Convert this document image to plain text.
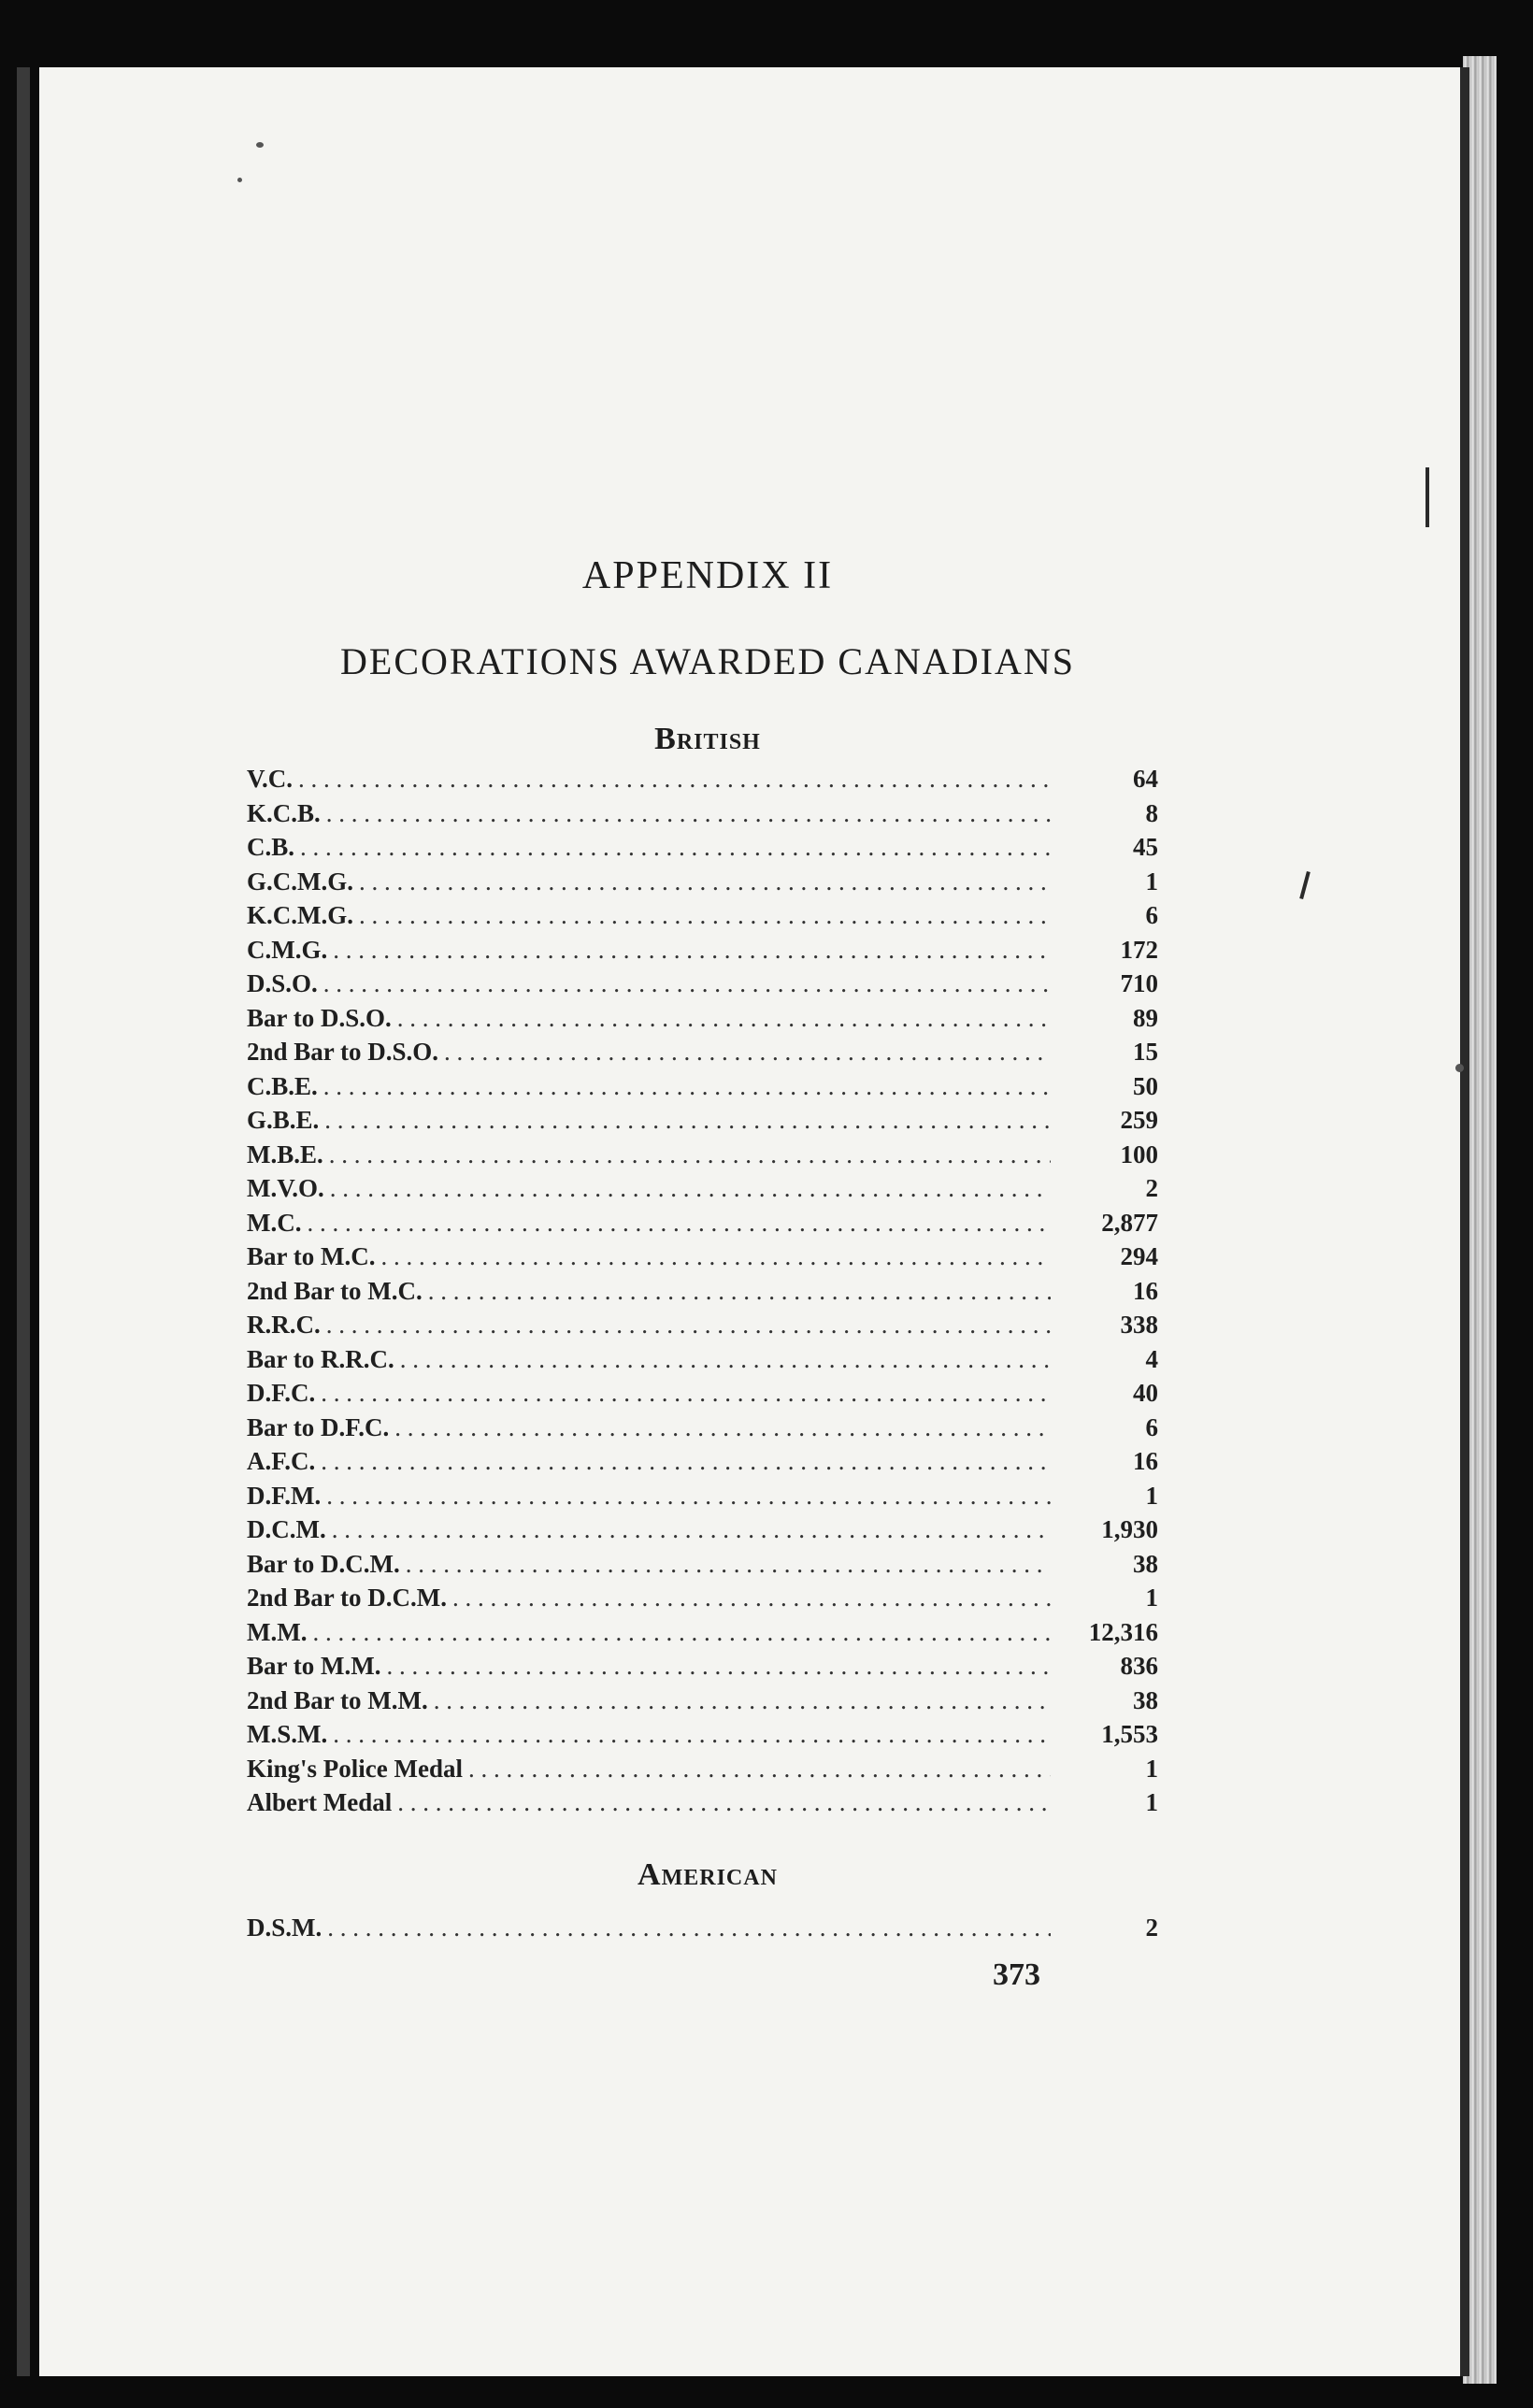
APPENDIX II
DECORATIONS AWARDED CANADIANS
British
V.C. . . .	64
K.C.B. . . .	8
C.B. . . .	45
G.C.M.G. . . .	1
K.C.M.G. . . .	6
C.M.G. . . .	172
D.S.O. . . .	710
Bar to D.S.O. . . .	89
2nd Bar to D.S.O. . . .	15
C.B.E. . . .	50
G.B.E. . . .	259
M.B.E. . . .	100
M.V.O. . . .	2
M.C. . . .	2,877
Bar to M.C. . . .	294
2nd Bar to M.C. . . .	16
R.R.C. . . .	338
Bar to R.R.C. . . .	4
D.F.C. . . .	40
Bar to D.F.C. . . .	6
A.F.C. . . .	16
D.F.M. . . .	1
D.C.M. . . .	1,930
Bar to D.C.M. . . .	38
2nd Bar to D.C.M. . . .	1
M.M. . . .	12,316
Bar to M.M. . . .	836
2nd Bar to M.M. . . .	38
M.S.M. . . .	1,553
King's Police Medal . . .	1
Albert Medal . . .	1
American
D.S.M. . . .	2
373
